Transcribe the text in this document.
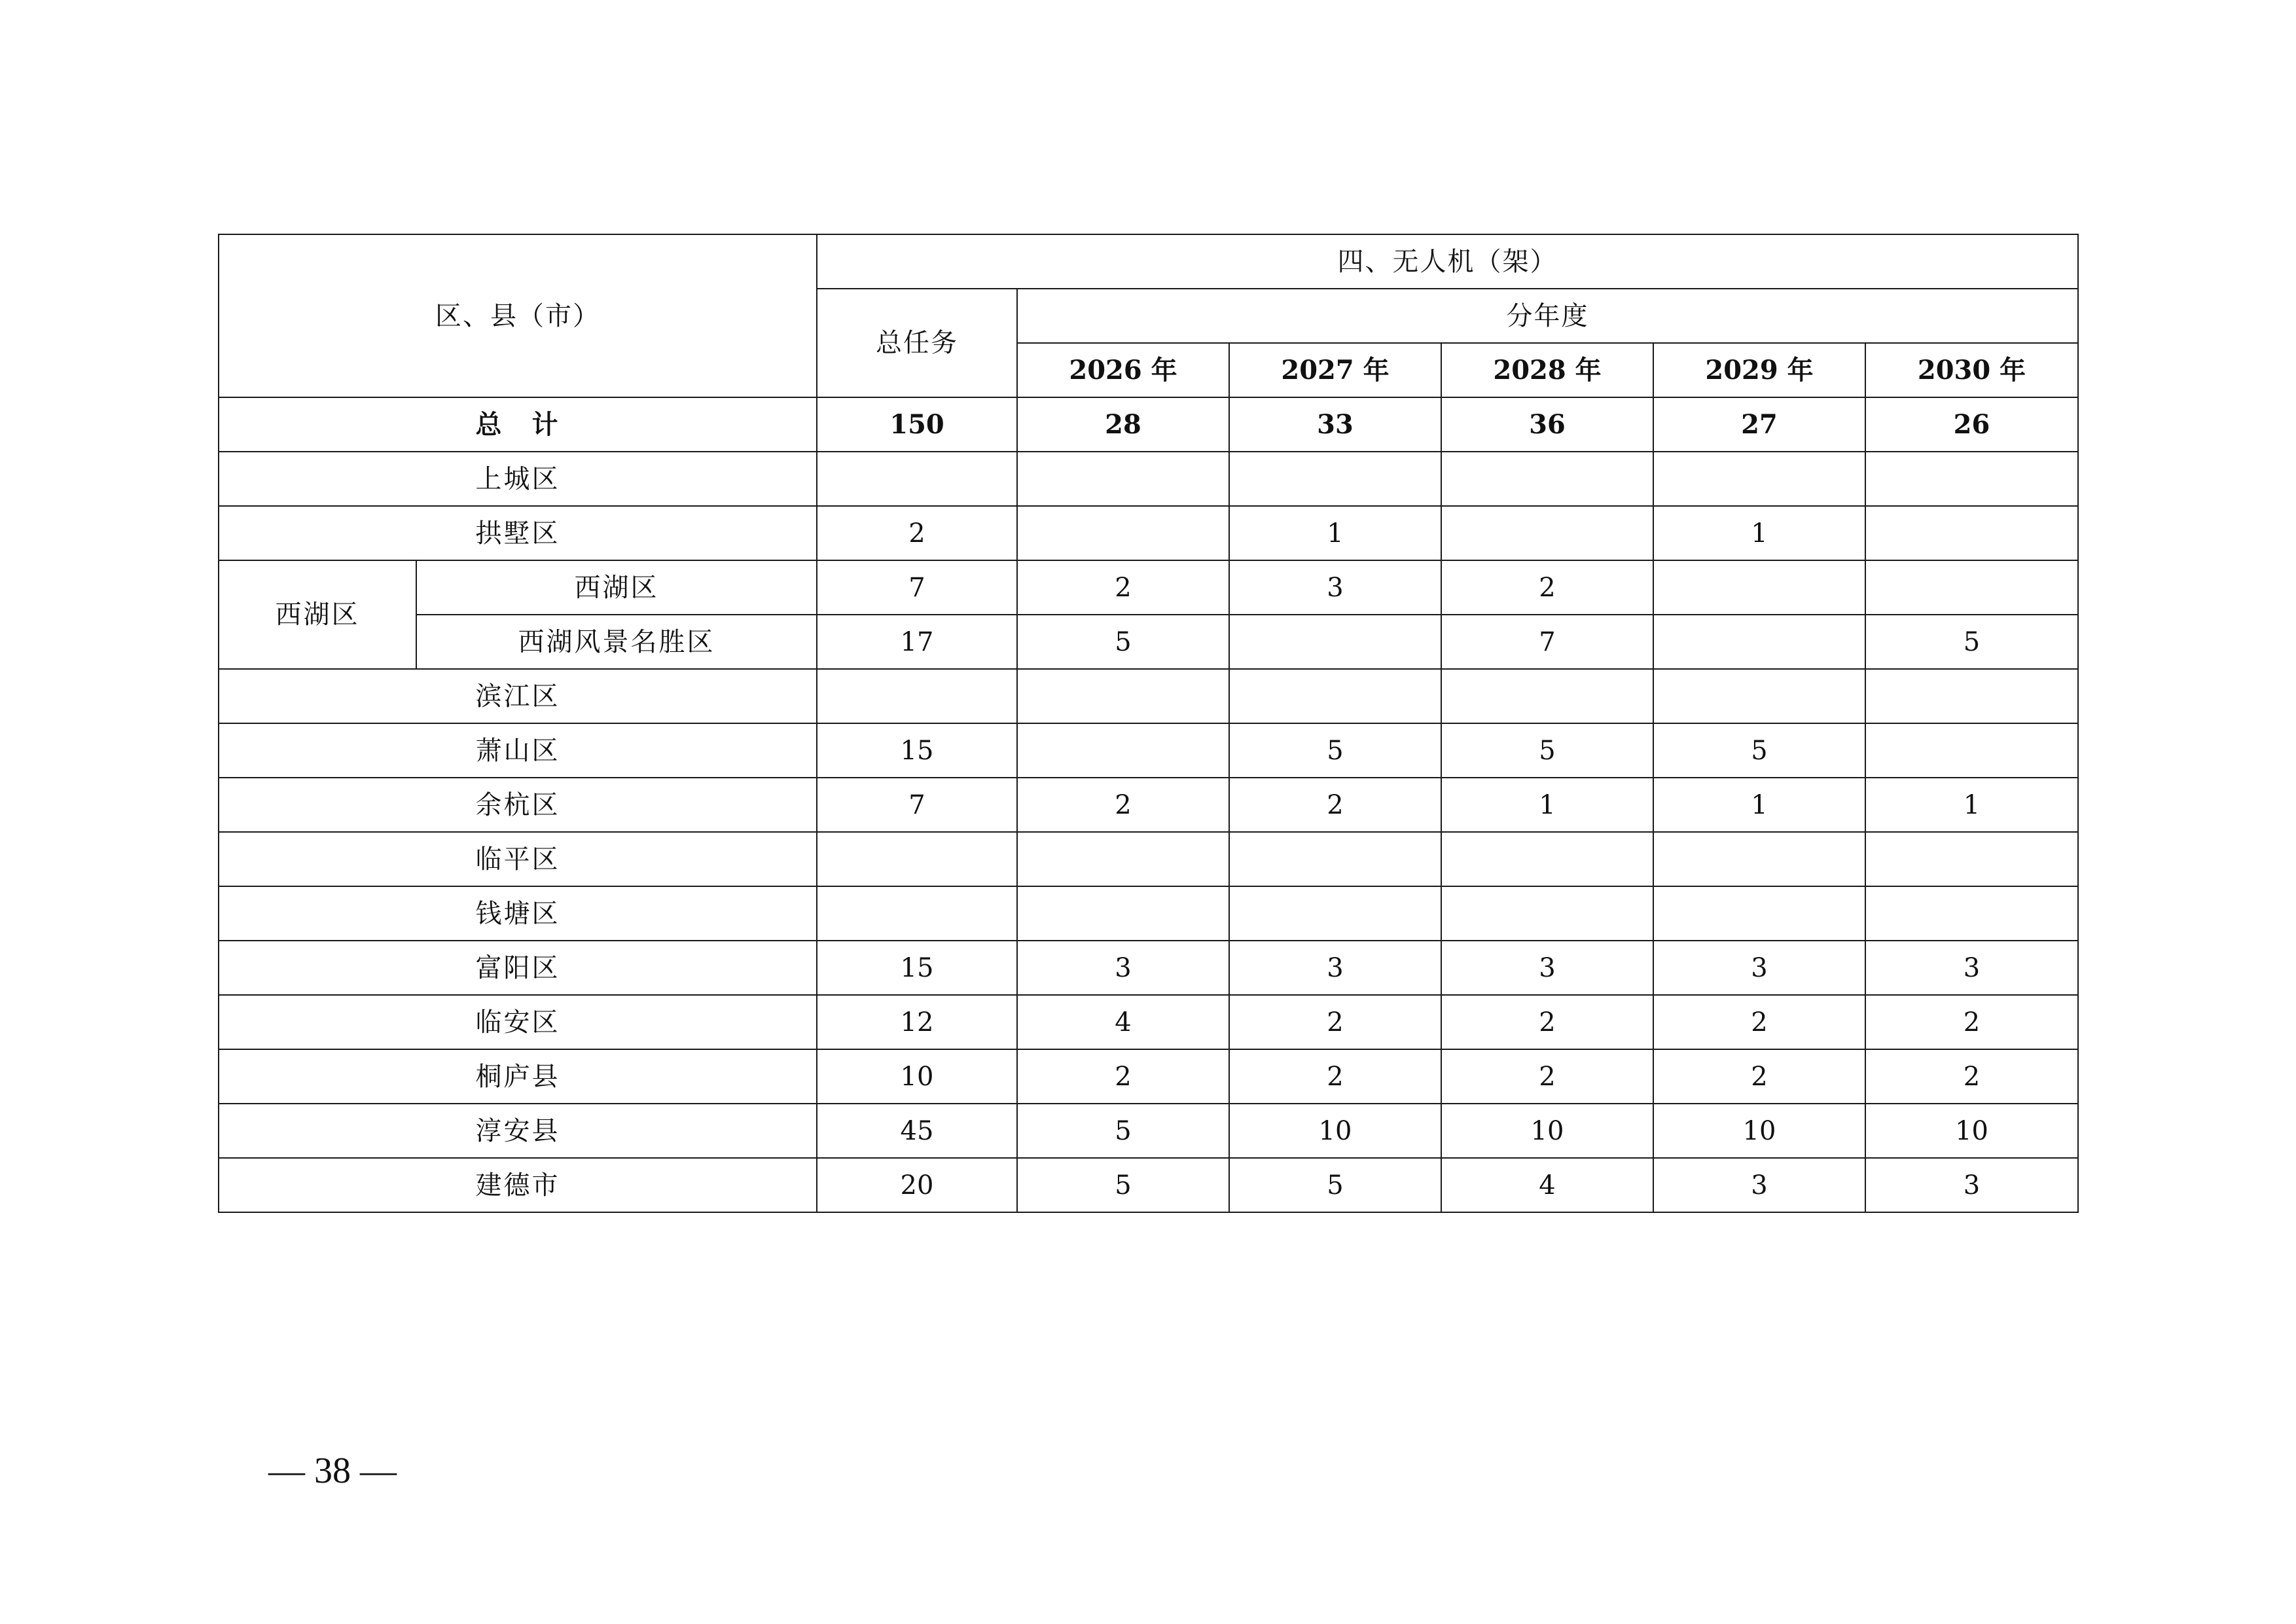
区、县（市）		四、无人机（架）					
		总任务	分年度				
			2026 年	2027 年	2028 年	2029 年	2030 年
总　计		150	28	33	36	27	26
上城区							
拱墅区		2		1		1	
西湖区	西湖区	7	2	3	2		
	西湖风景名胜区	17	5		7		5
滨江区							
萧山区		15		5	5	5	
余杭区		7	2	2	1	1	1
临平区							
钱塘区							
富阳区		15	3	3	3	3	3
临安区		12	4	2	2	2	2
桐庐县		10	2	2	2	2	2
淳安县		45	5	10	10	10	10
建德市		20	5	5	4	3	3
— 38 —
